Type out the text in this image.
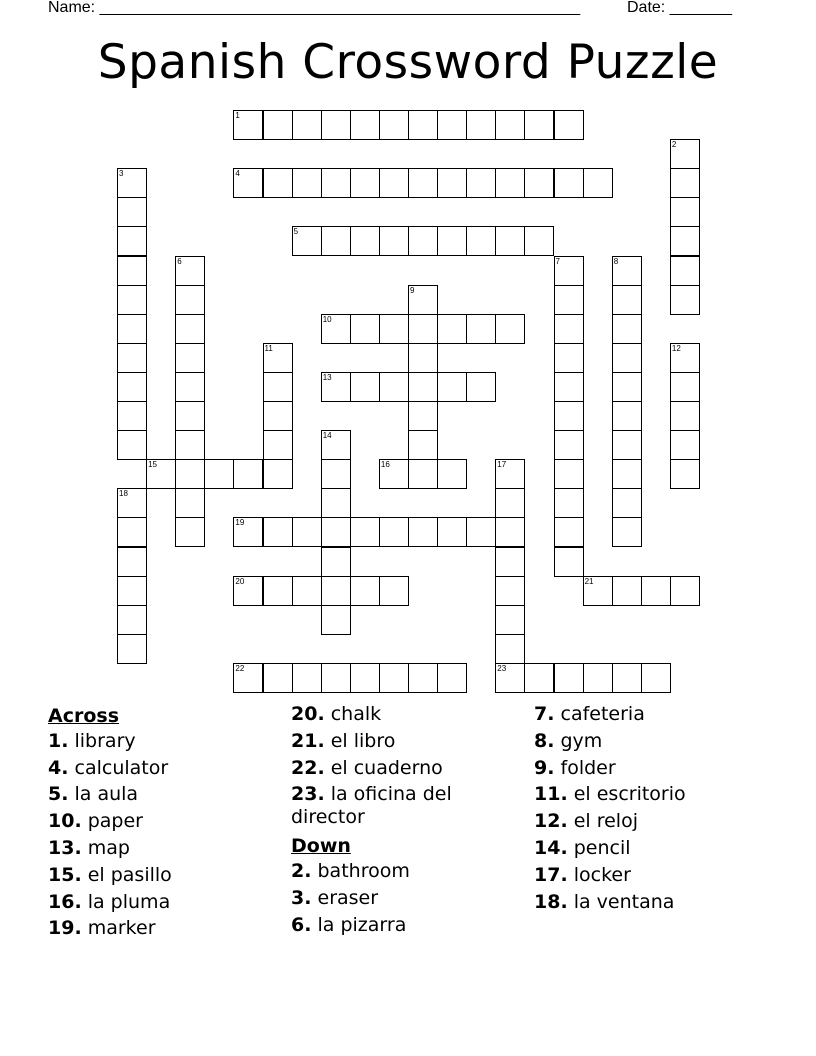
Name: ______________________________________________________	Date: _______
Spanish Crossword Puzzle
1
4
5
10
13
15	16
19
20	21
22	23
2
3
6	7	8
9
11	12
14
17
18
Across
1. library
4. calculator
5. la aula
10. paper
13. map
15. el pasillo
16. la pluma
19. marker
20. chalk
21. el libro
22. el cuaderno
23. la oficina del director
Down
2. bathroom
3. eraser
6. la pizarra
7. cafeteria
8. gym
9. folder
11. el escritorio
12. el reloj
14. pencil
17. locker
18. la ventana
